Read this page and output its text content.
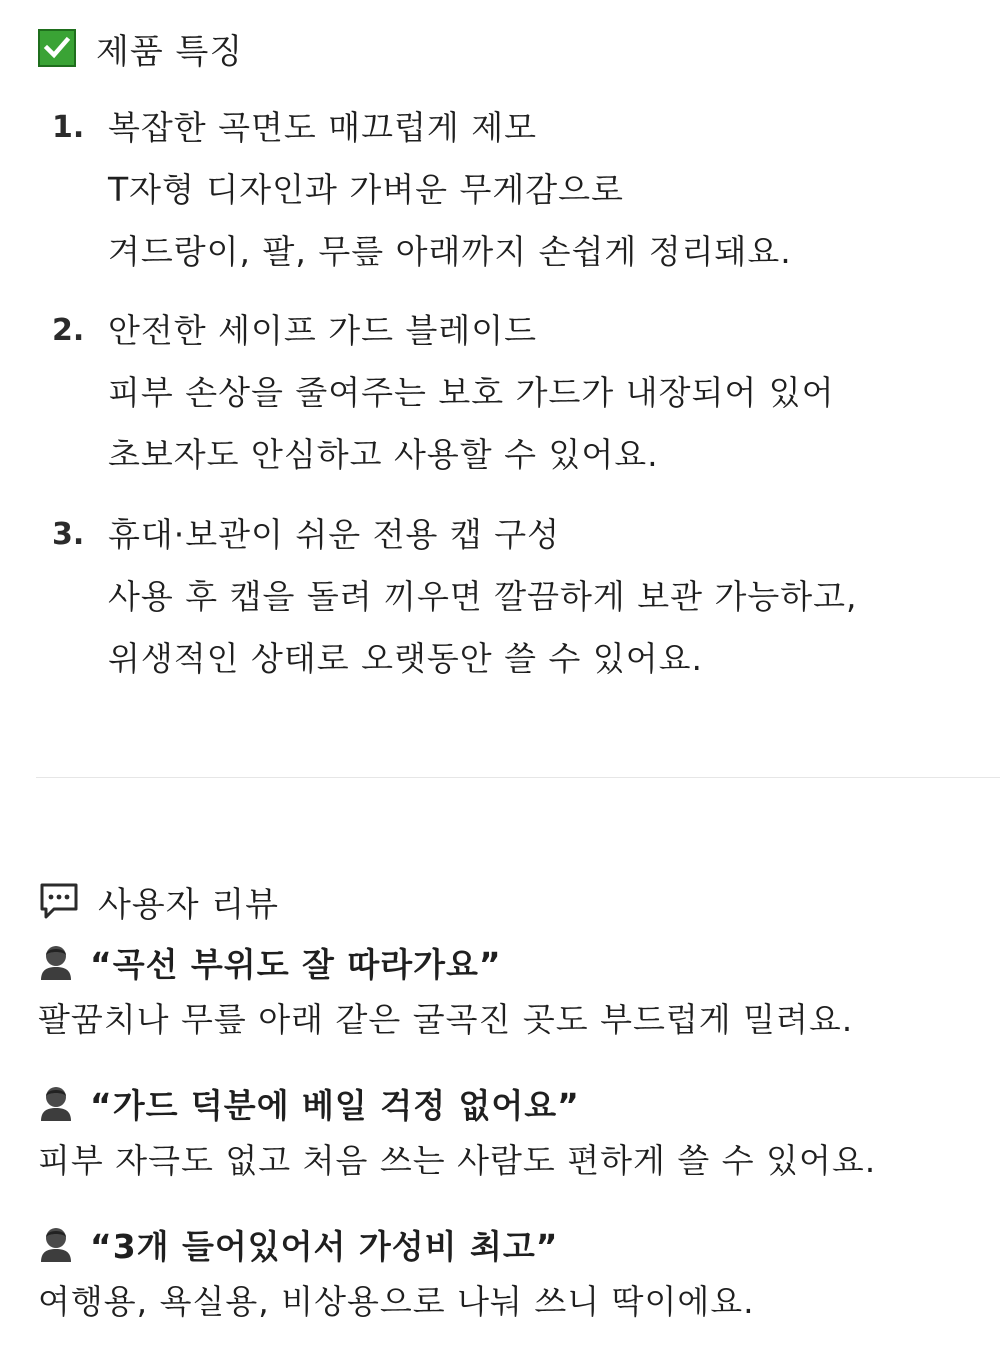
제품 특징
1. 복잡한 곡면도 매끄럽게 제모
T자형 디자인과 가벼운 무게감으로
겨드랑이, 팔, 무릎 아래까지 손쉽게 정리돼요.
2. 안전한 세이프 가드 블레이드
피부 손상을 줄여주는 보호 가드가 내장되어 있어
초보자도 안심하고 사용할 수 있어요.
3. 휴대·보관이 쉬운 전용 캡 구성
사용 후 캡을 돌려 끼우면 깔끔하게 보관 가능하고,
위생적인 상태로 오랫동안 쓸 수 있어요.
사용자 리뷰
“곡선 부위도 잘 따라가요”
팔꿈치나 무릎 아래 같은 굴곡진 곳도 부드럽게 밀려요.
“가드 덕분에 베일 걱정 없어요”
피부 자극도 없고 처음 쓰는 사람도 편하게 쓸 수 있어요.
“3개 들어있어서 가성비 최고”
여행용, 욕실용, 비상용으로 나눠 쓰니 딱이에요.
